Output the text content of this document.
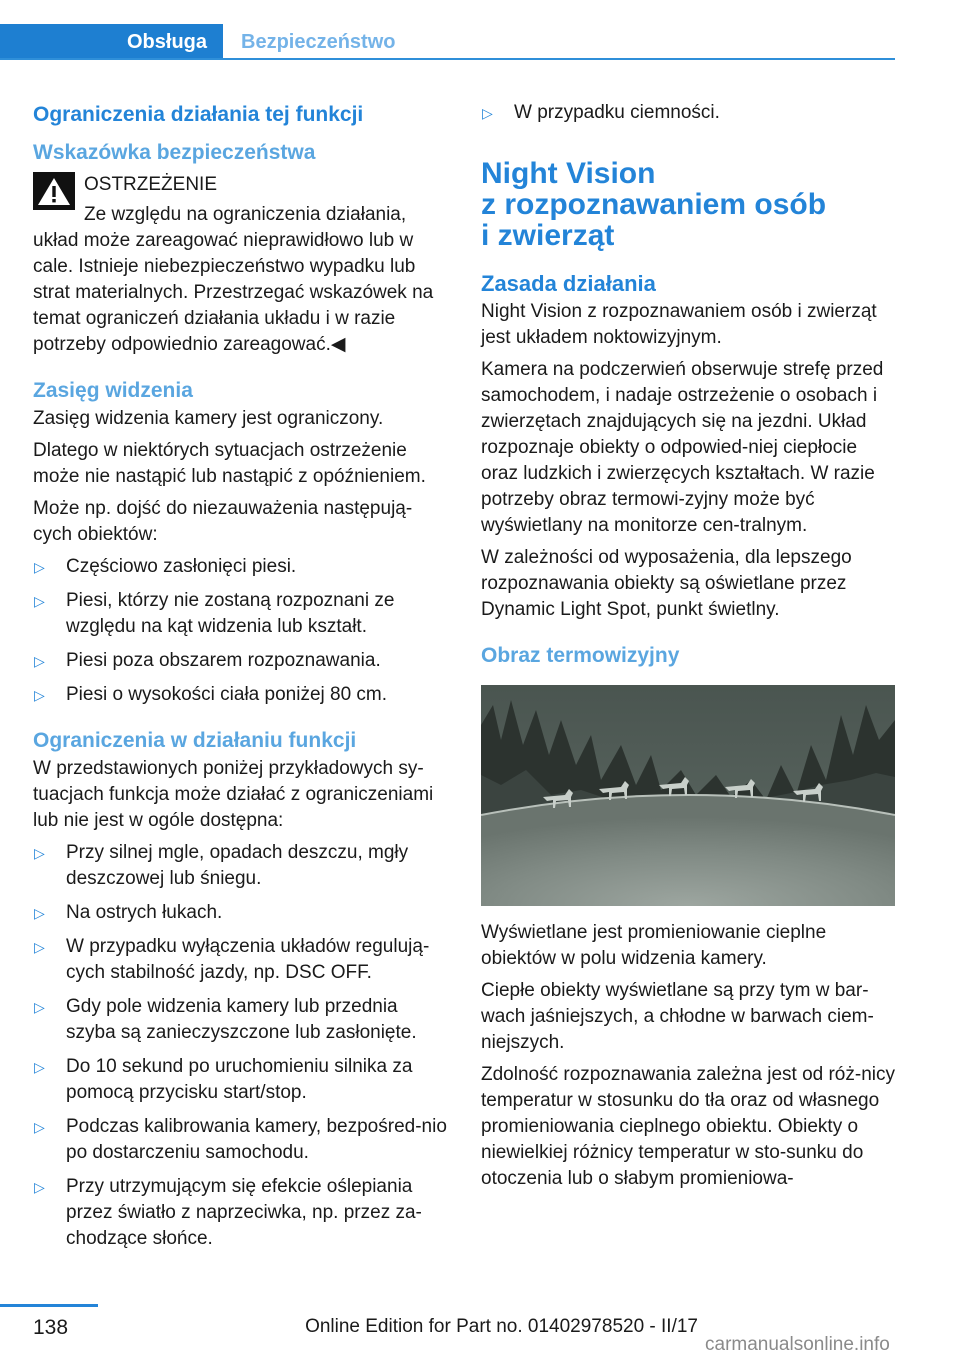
Obsługa	Bezpieczeństwo
Ograniczenia działania tej funkcji
Wskazówka bezpieczeństwa

OSTRZEŻENIE

Ze względu na ograniczenia działania, układ może zareagować nieprawidłowo lub w cale. Istnieje niebezpieczeństwo wypadku lub strat materialnych. Przestrzegać wskazówek na temat ograniczeń działania układu i w razie potrzeby odpowiednio zareagować.◀

Zasięg widzenia

Zasięg widzenia kamery jest ograniczony.

Dlatego w niektórych sytuacjach ostrzeżenie może nie nastąpić lub nastąpić z opóźnieniem.

Może np. dojść do niezauważenia następują‐cych obiektów:

▷ Częściowo zasłonięci piesi.
▷ Piesi, którzy nie zostaną rozpoznani ze względu na kąt widzenia lub kształt.
▷ Piesi poza obszarem rozpoznawania.
▷ Piesi o wysokości ciała poniżej 80 cm.
Ograniczenia w działaniu funkcji

W przedstawionych poniżej przykładowych sy‐tuacjach funkcja może działać z ograniczeniami lub nie jest w ogóle dostępna:

▷ Przy silnej mgle, opadach deszczu, mgły deszczowej lub śniegu.
▷ Na ostrych łukach.
▷ W przypadku wyłączenia układów regulują‐cych stabilność jazdy, np. DSC OFF.
▷ Gdy pole widzenia kamery lub przednia szyba są zanieczyszczone lub zasłonięte.
▷ Do 10 sekund po uruchomieniu silnika za pomocą przycisku start/stop.
▷ Podczas kalibrowania kamery, bezpośred‐nio po dostarczeniu samochodu.
▷ Przy utrzymującym się efekcie oślepiania przez światło z naprzeciwka, np. przez za‐chodzące słońce.
▷ W przypadku ciemności.
Night Vision
z rozpoznawaniem osób
i zwierząt
Zasada działania

Night Vision z rozpoznawaniem osób i zwierząt jest układem noktowizyjnym.

Kamera na podczerwień obserwuje strefę przed samochodem, i nadaje ostrzeżenie o osobach i zwierzętach znajdujących się na jezdni. Układ rozpoznaje obiekty o odpowied‐niej ciepłocie oraz ludzkich i zwierzęcych kształtach. W razie potrzeby obraz termowi‐zyjny może być wyświetlany na monitorze cen‐tralnym.

W zależności od wyposażenia, dla lepszego rozpoznawania obiekty są oświetlane przez Dynamic Light Spot, punkt świetlny.

Obraz termowizyjny

Wyświetlane jest promieniowanie cieplne obiektów w polu widzenia kamery.

Ciepłe obiekty wyświetlane są przy tym w bar‐wach jaśniejszych, a chłodne w barwach ciem‐niejszych.

Zdolność rozpoznawania zależna jest od róż‐nicy temperatur w stosunku do tła oraz od własnego promieniowania cieplnego obiektu. Obiekty o niewielkiej różnicy temperatur w sto‐sunku do otoczenia lub o słabym promieniowa‐

138	Online Edition for Part no. 01402978520 - II/17
carmanualsonline.info
